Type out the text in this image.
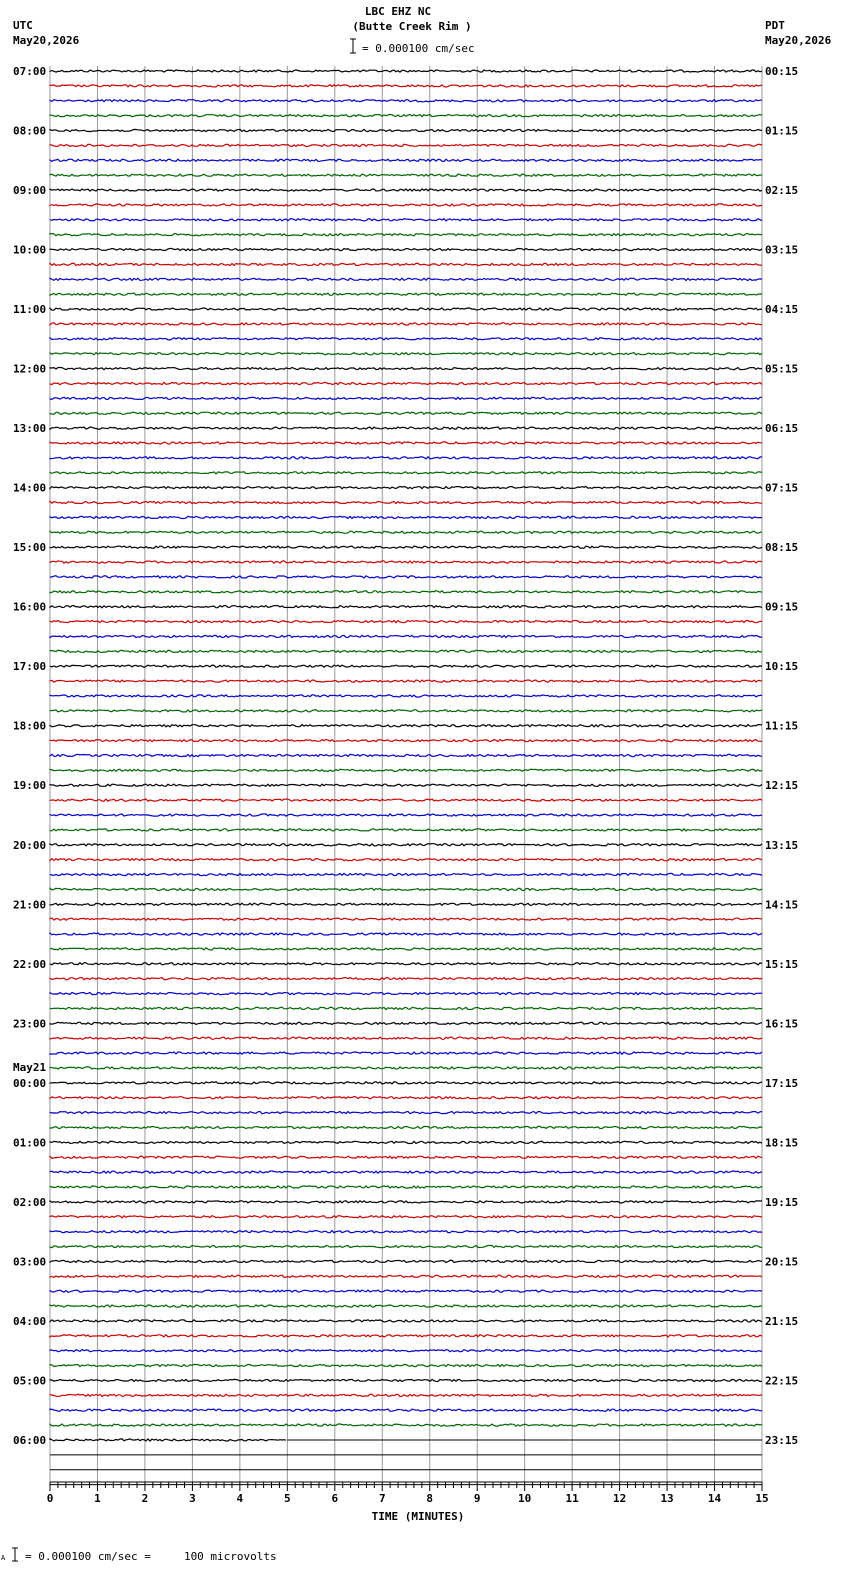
LBC EHZ NC
(Butte Creek Rim )
= 0.000100 cm/sec
UTC
May20,2026
PDT
May20,2026
07:00
08:00
09:00
10:00
11:00
12:00
13:00
14:00
15:00
16:00
17:00
18:00
19:00
20:00
21:00
22:00
23:00
00:00
01:00
02:00
03:00
04:00
05:00
06:00
00:15
01:15
02:15
03:15
04:15
05:15
06:15
07:15
08:15
09:15
10:15
11:15
12:15
13:15
14:15
15:15
16:15
17:15
18:15
19:15
20:15
21:15
22:15
23:15
May21
0	1	2	3	4	5	6	7	8	9	10	11	12	13	14	15
TIME (MINUTES)
A = 0.000100 cm/sec =     100 microvolts
